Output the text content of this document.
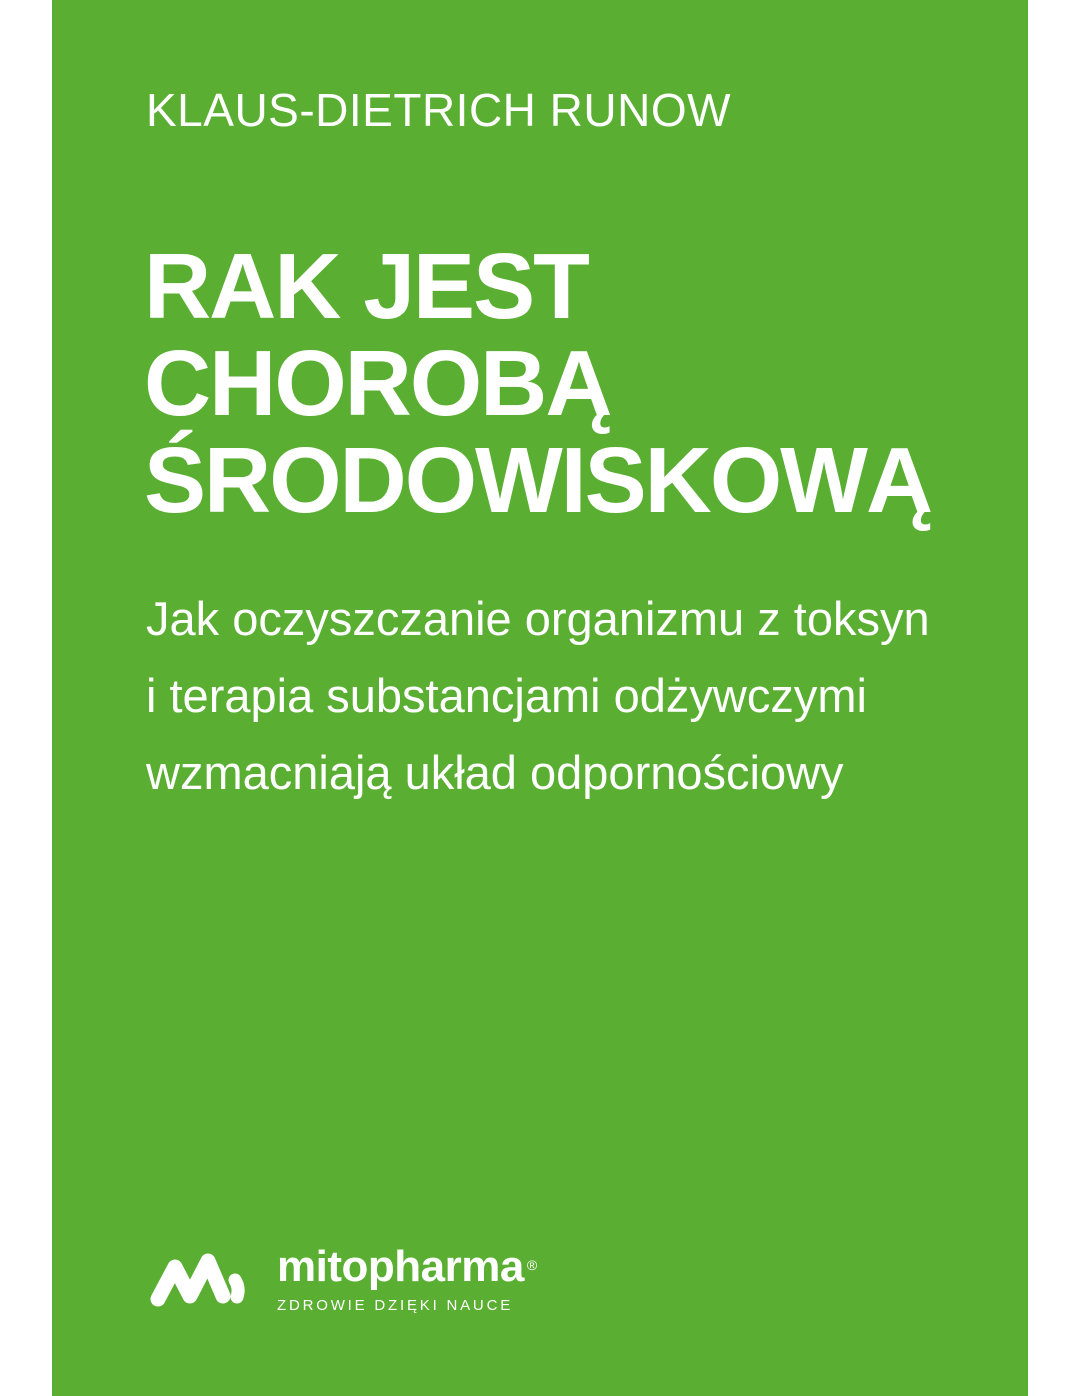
KLAUS-DIETRICH RUNOW
RAK JEST
CHOROBĄ
ŚRODOWISKOWĄ
Jak oczyszczanie organizmu z toksyn
i terapia substancjami odżywczymi
wzmacniają układ odpornościowy
mitopharma ®
ZDROWIE DZIĘKI NAUCE
